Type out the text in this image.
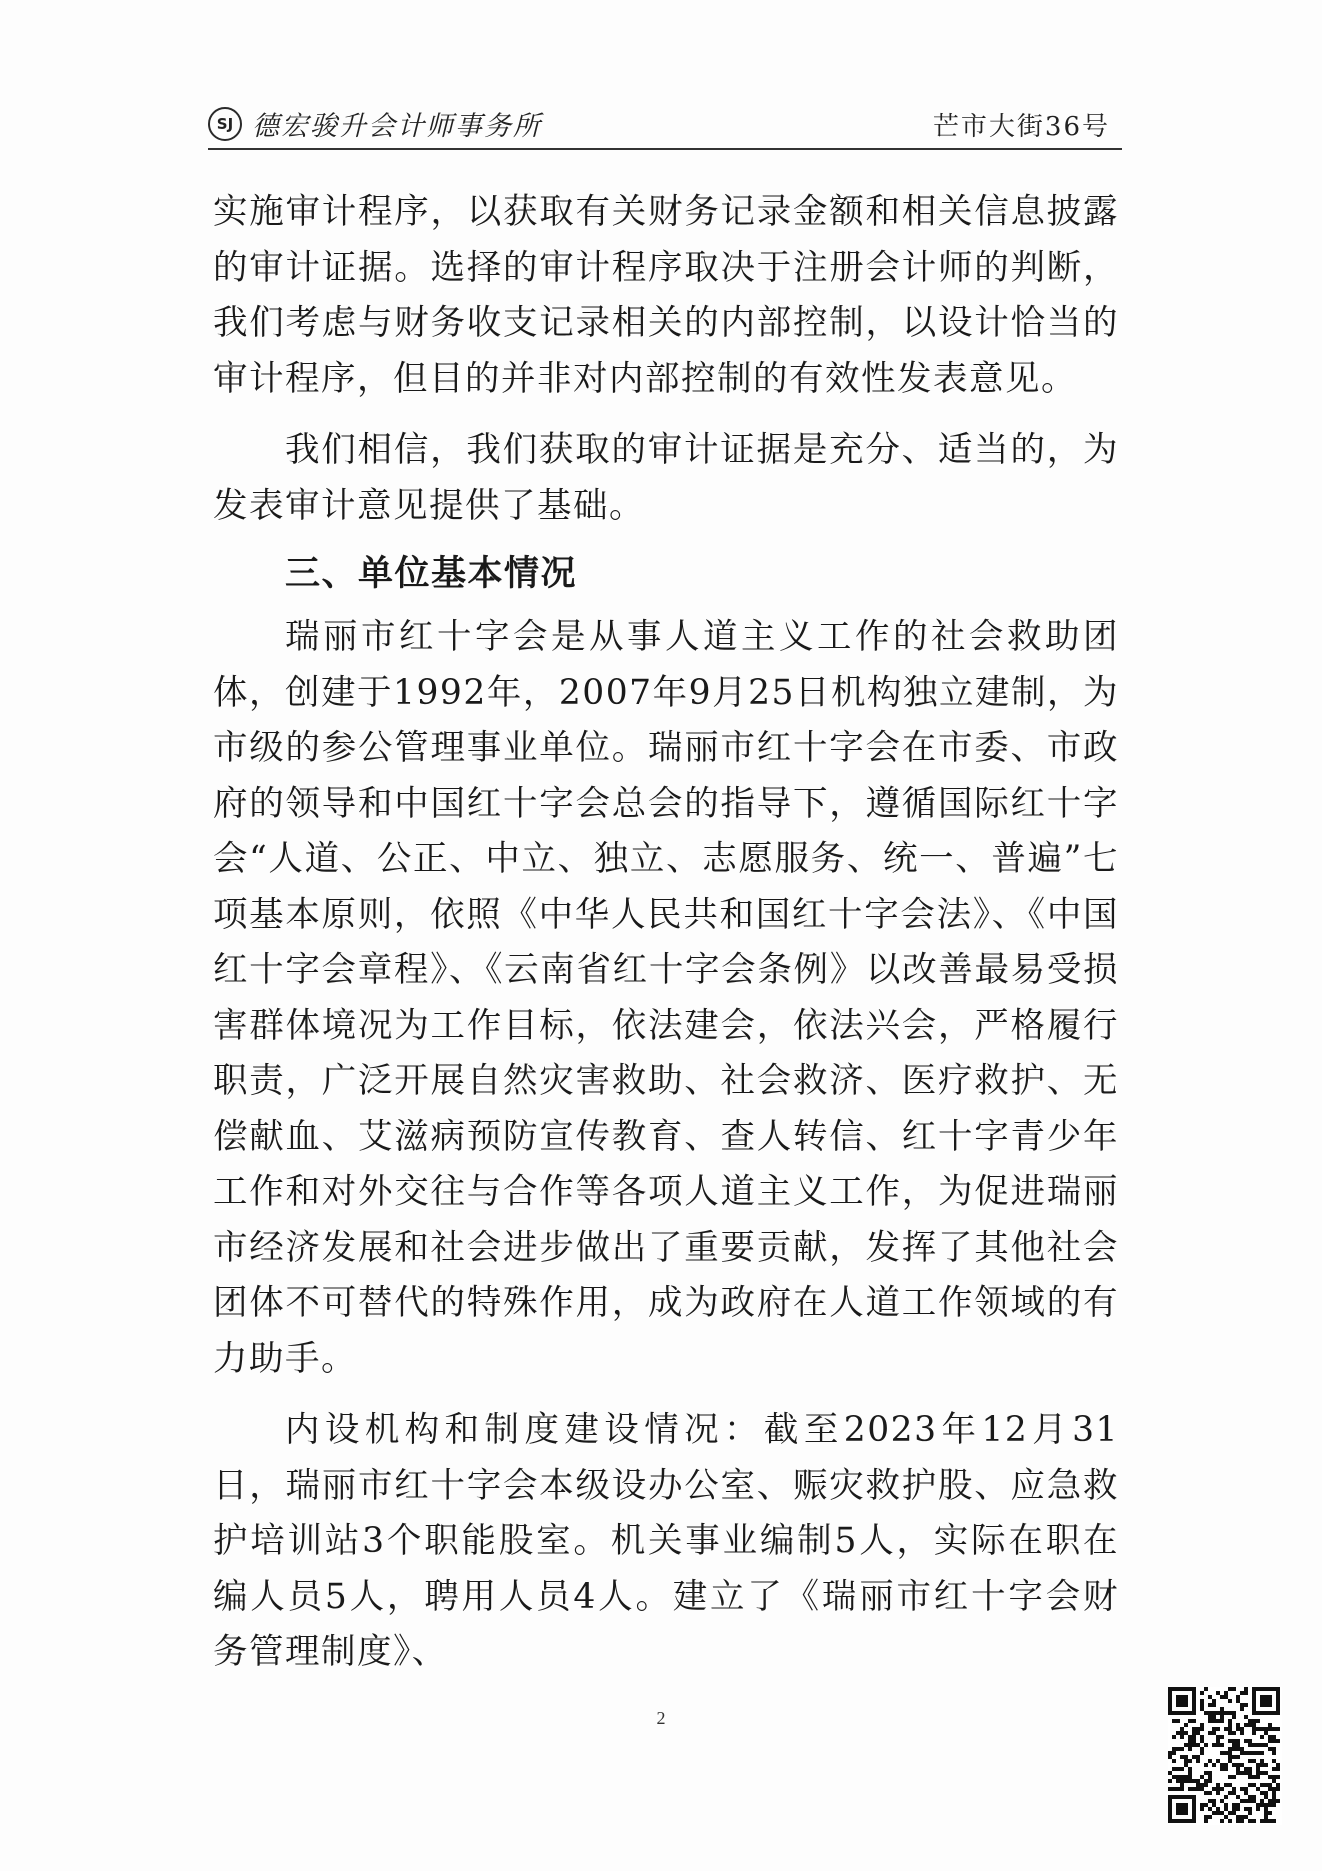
SJ 德宏骏升会计师事务所	芒市大街36号

实施审计程序，以获取有关财务记录金额和相关信息披露的审计证据。选择的审计程序取决于注册会计师的判断，我们考虑与财务收支记录相关的内部控制，以设计恰当的审计程序，但目的并非对内部控制的有效性发表意见。

我们相信，我们获取的审计证据是充分、适当的，为发表审计意见提供了基础。

三、单位基本情况

瑞丽市红十字会是从事人道主义工作的社会救助团体，创建于1992年，2007年9月25日机构独立建制，为市级的参公管理事业单位。瑞丽市红十字会在市委、市政府的领导和中国红十字会总会的指导下，遵循国际红十字会“人道、公正、中立、独立、志愿服务、统一、普遍”七项基本原则，依照《中华人民共和国红十字会法》、《中国红十字会章程》、《云南省红十字会条例》以改善最易受损害群体境况为工作目标，依法建会，依法兴会，严格履行职责，广泛开展自然灾害救助、社会救济、医疗救护、无偿献血、艾滋病预防宣传教育、查人转信、红十字青少年工作和对外交往与合作等各项人道主义工作，为促进瑞丽市经济发展和社会进步做出了重要贡献，发挥了其他社会团体不可替代的特殊作用，成为政府在人道工作领域的有力助手。

内设机构和制度建设情况：截至2023年12月31日，瑞丽市红十字会本级设办公室、赈灾救护股、应急救护培训站3个职能股室。机关事业编制5人，实际在职在编人员5人，聘用人员4人。建立了《瑞丽市红十字会财务管理制度》、

2
